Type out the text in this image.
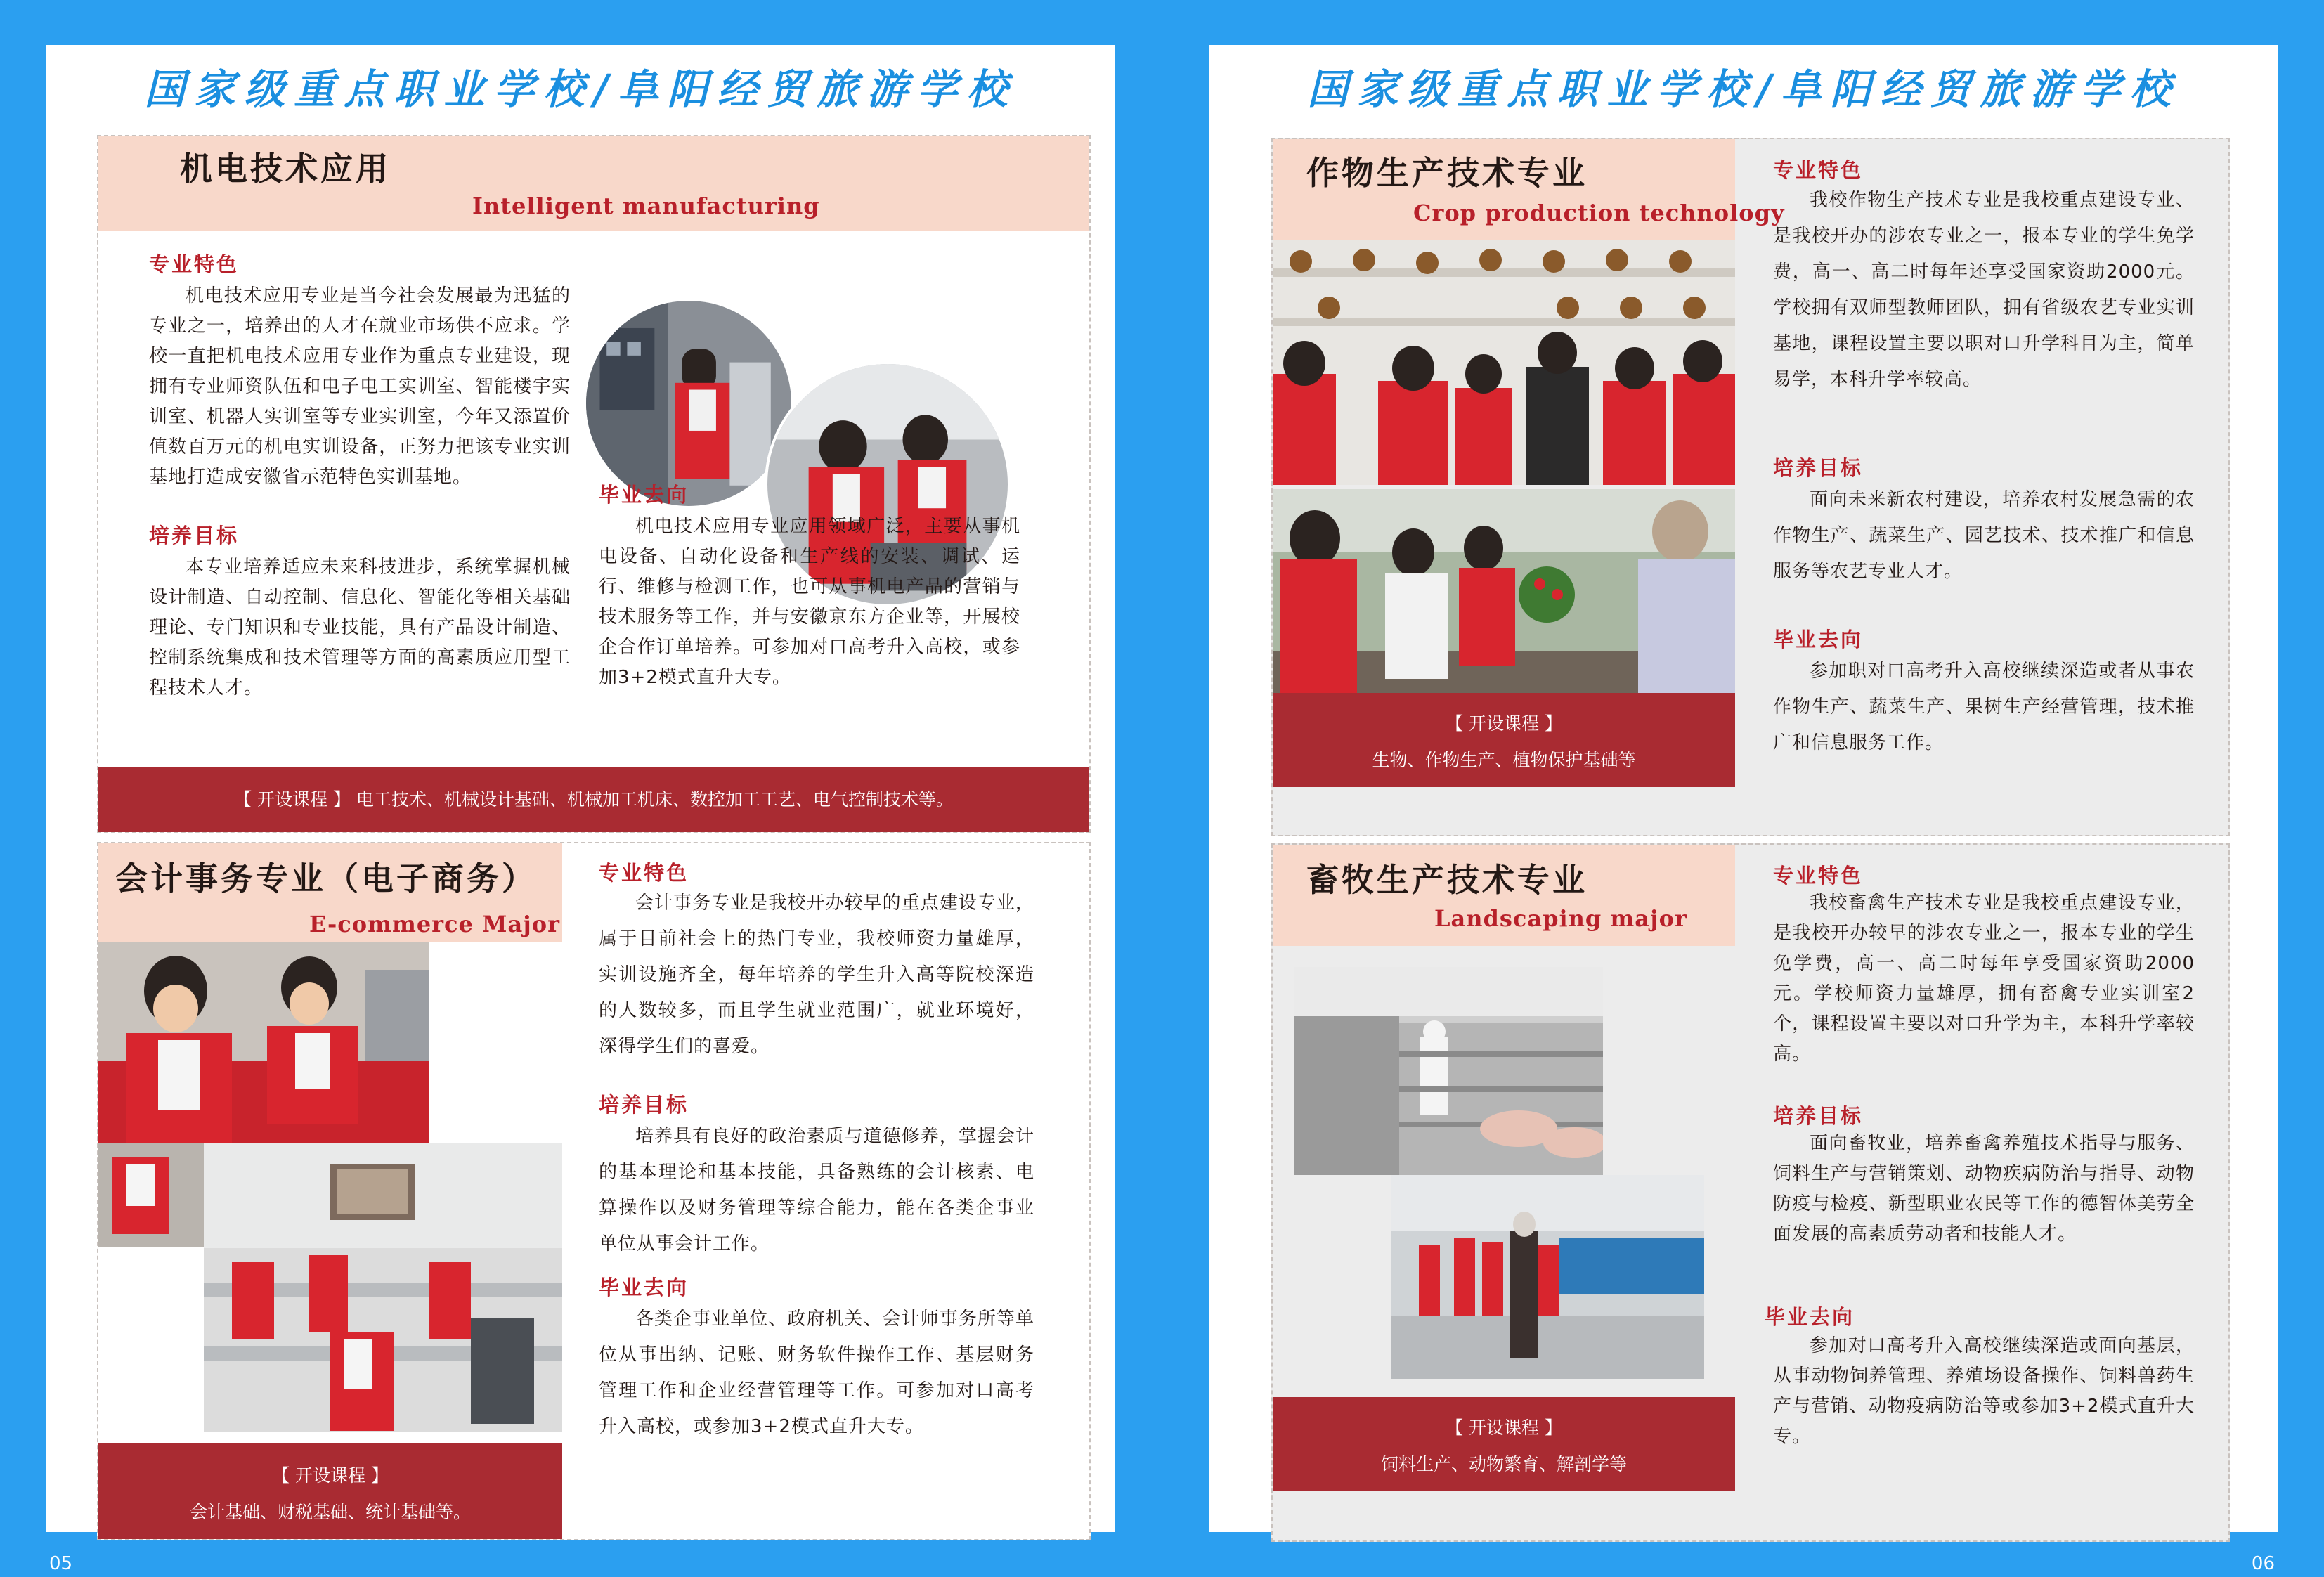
国家级重点职业学校/阜阳经贸旅游学校
机电技术应用
Intelligent manufacturing
专业特色
机电技术应用专业是当今社会发展最为迅猛的专业之一，培养出的人才在就业市场供不应求。学校一直把机电技术应用专业作为重点专业建设，现拥有专业师资队伍和电子电工实训室、智能楼宇实训室、机器人实训室等专业实训室，今年又添置价值数百万元的机电实训设备，正努力把该专业实训基地打造成安徽省示范特色实训基地。
培养目标
本专业培养适应未来科技进步，系统掌握机械设计制造、自动控制、信息化、智能化等相关基础理论、专门知识和专业技能，具有产品设计制造、控制系统集成和技术管理等方面的高素质应用型工程技术人才。
毕业去向
机电技术应用专业应用领域广泛，主要从事机电设备、自动化设备和生产线的安装、调试、运行、维修与检测工作，也可从事机电产品的营销与技术服务等工作，并与安徽京东方企业等，开展校企合作订单培养。可参加对口高考升入高校，或参加3+2模式直升大专。
【 开设课程 】 电工技术、机械设计基础、机械加工机床、数控加工工艺、电气控制技术等。
会计事务专业（电子商务）
E-commerce Major
专业特色
会计事务专业是我校开办较早的重点建设专业，属于目前社会上的热门专业，我校师资力量雄厚，实训设施齐全，每年培养的学生升入高等院校深造的人数较多，而且学生就业范围广，就业环境好，深得学生们的喜爱。
培养目标
培养具有良好的政治素质与道德修养，掌握会计的基本理论和基本技能，具备熟练的会计核素、电算操作以及财务管理等综合能力，能在各类企事业单位从事会计工作。
毕业去向
各类企事业单位、政府机关、会计师事务所等单位从事出纳、记账、财务软件操作工作、基层财务管理工作和企业经营管理等工作。可参加对口高考升入高校，或参加3+2模式直升大专。
【 开设课程 】
会计基础、财税基础、统计基础等。
05
国家级重点职业学校/阜阳经贸旅游学校
作物生产技术专业
Crop production technology
【 开设课程 】
生物、作物生产、植物保护基础等
专业特色
我校作物生产技术专业是我校重点建设专业、是我校开办的涉农专业之一，报本专业的学生免学费，高一、高二时每年还享受国家资助2000元。学校拥有双师型教师团队，拥有省级农艺专业实训基地，课程设置主要以职对口升学科目为主，简单易学，本科升学率较高。
培养目标
面向未来新农村建设，培养农村发展急需的农作物生产、蔬菜生产、园艺技术、技术推广和信息服务等农艺专业人才。
毕业去向
参加职对口高考升入高校继续深造或者从事农作物生产、蔬菜生产、果树生产经营管理，技术推广和信息服务工作。
畜牧生产技术专业
Landscaping major
【 开设课程 】
饲料生产、动物繁育、解剖学等
专业特色
我校畜禽生产技术专业是我校重点建设专业，是我校开办较早的涉农专业之一，报本专业的学生免学费，高一、高二时每年享受国家资助2000元。学校师资力量雄厚，拥有畜禽专业实训室2个，课程设置主要以对口升学为主，本科升学率较高。
培养目标
面向畜牧业，培养畜禽养殖技术指导与服务、饲料生产与营销策划、动物疾病防治与指导、动物防疫与检疫、新型职业农民等工作的德智体美劳全面发展的高素质劳动者和技能人才。
毕业去向
参加对口高考升入高校继续深造或面向基层，从事动物饲养管理、养殖场设备操作、饲料兽药生产与营销、动物疫病防治等或参加3+2模式直升大专。
06
